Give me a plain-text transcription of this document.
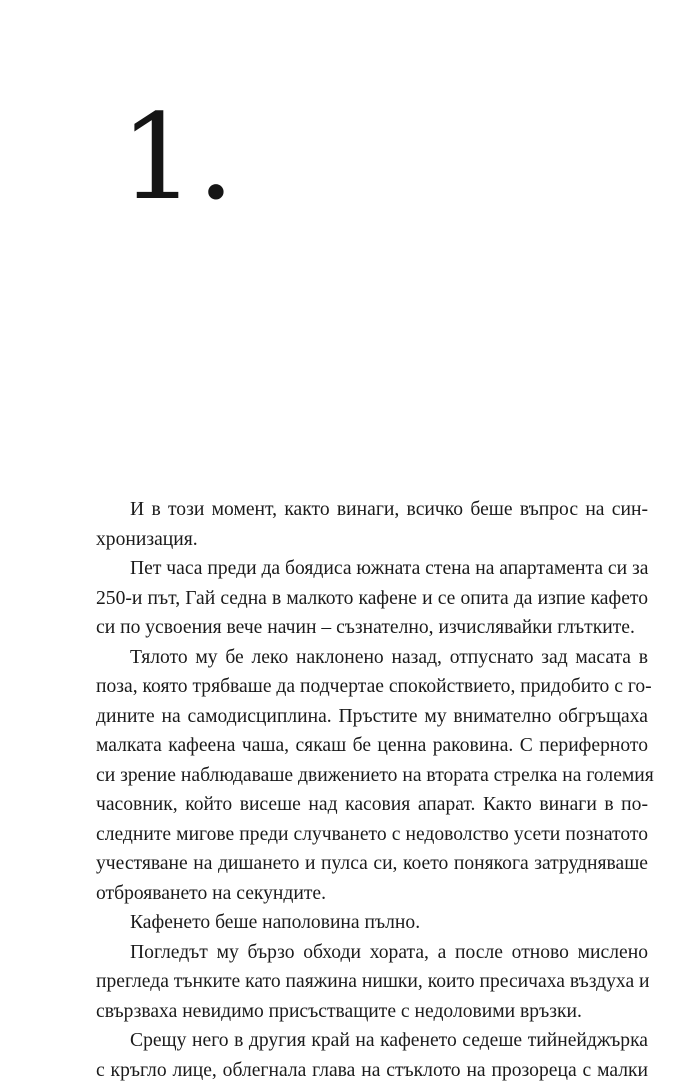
1.

И в този момент, както винаги, всичко беше въпрос на син-
хронизация.

Пет часа преди да боядиса южната стена на апартамента си за
250-и път, Гай седна в малкото кафене и се опита да изпие кафето
си по усвоения вече начин – съзнателно, изчислявайки глътките.

Тялото му бе леко наклонено назад, отпуснато зад масата в
поза, която трябваше да подчертае спокойствието, придобито с го-
дините на самодисциплина. Пръстите му внимателно обгръщаха
малката кафеена чаша, сякаш бе ценна раковина. С периферното
си зрение наблюдаваше движението на втората стрелка на големия
часовник, който висеше над касовия апарат. Както винаги в по-
следните мигове преди случването с недоволство усети познатото
учестяване на дишането и пулса си, което понякога затрудняваше
отброяването на секундите.

Кафенето беше наполовина пълно.

Погледът му бързо обходи хората, а после отново мислено
прегледа тънките като паяжина нишки, които пресичаха въздуха и
свързваха невидимо присъстващите с недоловими връзки.

Срещу него в другия край на кафенето седеше тийнейджърка
с кръгло лице, облегнала глава на стъклото на прозореца с малки
